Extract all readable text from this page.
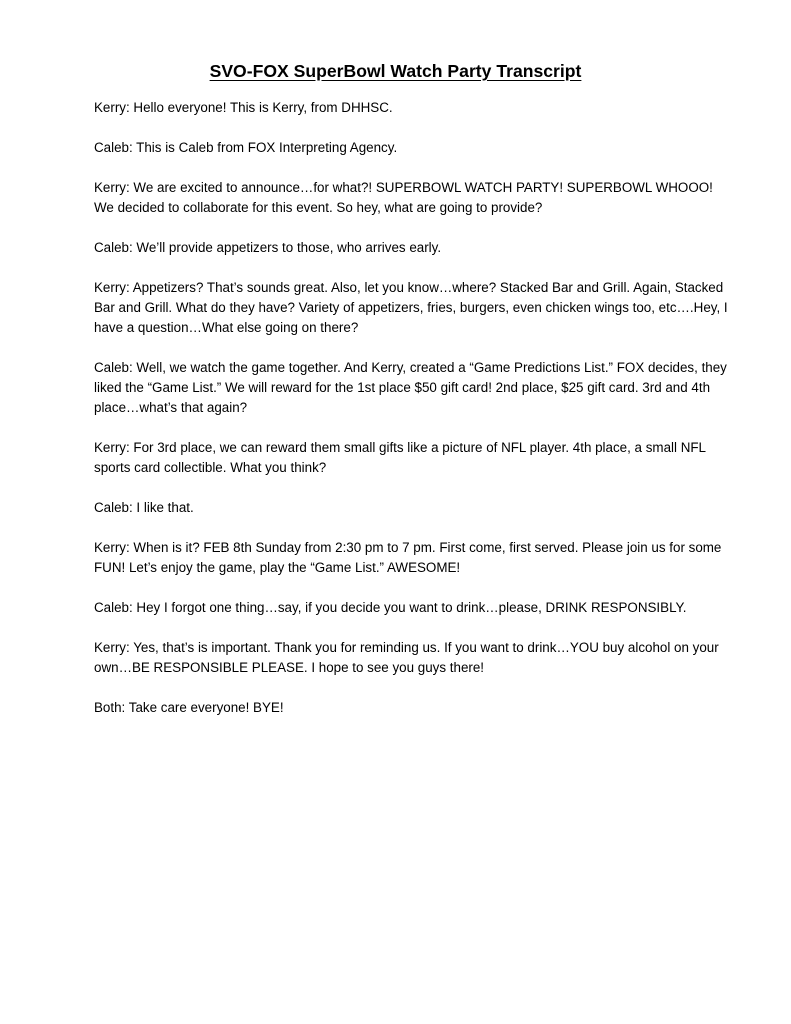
SVO-FOX SuperBowl Watch Party Transcript

Kerry: Hello everyone! This is Kerry, from DHHSC.

Caleb: This is Caleb from FOX Interpreting Agency.

Kerry: We are excited to announce…for what?! SUPERBOWL WATCH PARTY! SUPERBOWL WHOOO! We decided to collaborate for this event. So hey, what are going to provide?

Caleb: We’ll provide appetizers to those, who arrives early.

Kerry: Appetizers? That’s sounds great. Also, let you know…where? Stacked Bar and Grill. Again, Stacked Bar and Grill. What do they have? Variety of appetizers, fries, burgers, even chicken wings too, etc….Hey, I have a question…What else going on there?

Caleb: Well, we watch the game together. And Kerry, created a “Game Predictions List.” FOX decides, they liked the “Game List.” We will reward for the 1st place $50 gift card! 2nd place, $25 gift card. 3rd and 4th place…what’s that again?

Kerry: For 3rd place, we can reward them small gifts like a picture of NFL player. 4th place, a small NFL sports card collectible. What you think?

Caleb: I like that.

Kerry: When is it? FEB 8th Sunday from 2:30 pm to 7 pm. First come, first served. Please join us for some FUN! Let’s enjoy the game, play the “Game List.” AWESOME!

Caleb: Hey I forgot one thing…say, if you decide you want to drink…please, DRINK RESPONSIBLY.

Kerry: Yes, that’s is important. Thank you for reminding us. If you want to drink…YOU buy alcohol on your own…BE RESPONSIBLE PLEASE. I hope to see you guys there!

Both: Take care everyone! BYE!
